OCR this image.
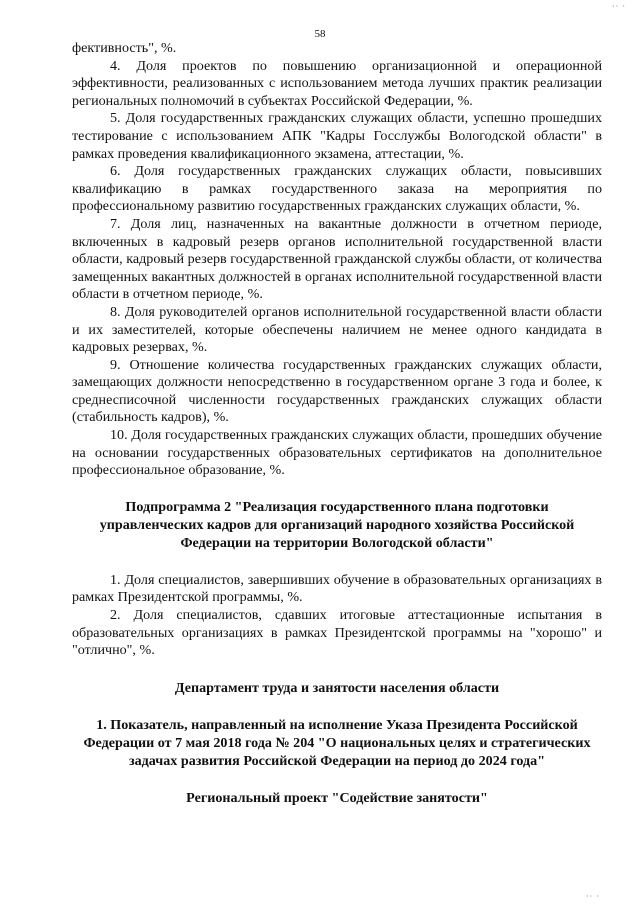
·· ·
58

фективность", %.

4. Доля проектов по повышению организационной и операционной эффективности, реализованных с использованием метода лучших практик реализации региональных полномочий в субъектах Российской Федерации, %.

5. Доля государственных гражданских служащих области, успешно прошедших тестирование с использованием АПК "Кадры Госслужбы Вологодской области" в рамках проведения квалификационного экзамена, аттестации, %.

6. Доля государственных гражданских служащих области, повысивших квалификацию в рамках государственного заказа на мероприятия по профессиональному развитию государственных гражданских служащих области, %.

7. Доля лиц, назначенных на вакантные должности в отчетном периоде, включенных в кадровый резерв органов исполнительной государственной власти области, кадровый резерв государственной гражданской службы области, от количества замещенных вакантных должностей в органах исполнительной государственной власти области в отчетном периоде, %.

8. Доля руководителей органов исполнительной государственной власти области и их заместителей, которые обеспечены наличием не менее одного кандидата в кадровых резервах, %.

9. Отношение количества государственных гражданских служащих области, замещающих должности непосредственно в государственном органе 3 года и более, к среднесписочной численности государственных гражданских служащих области (стабильность кадров), %.

10. Доля государственных гражданских служащих области, прошедших обучение на основании государственных образовательных сертификатов на дополнительное профессиональное образование, %.

Подпрограмма 2 "Реализация государственного плана подготовки управленческих кадров для организаций народного хозяйства Российской Федерации на территории Вологодской области"

1. Доля специалистов, завершивших обучение в образовательных организациях в рамках Президентской программы, %.

2. Доля специалистов, сдавших итоговые аттестационные испытания в образовательных организациях в рамках Президентской программы на "хорошо" и "отлично", %.

Департамент труда и занятости населения области

1. Показатель, направленный на исполнение Указа Президента Российской Федерации от 7 мая 2018 года № 204 "О национальных целях и стратегических задачах развития Российской Федерации на период до 2024 года"

Региональный проект "Содействие занятости"

·· ·
